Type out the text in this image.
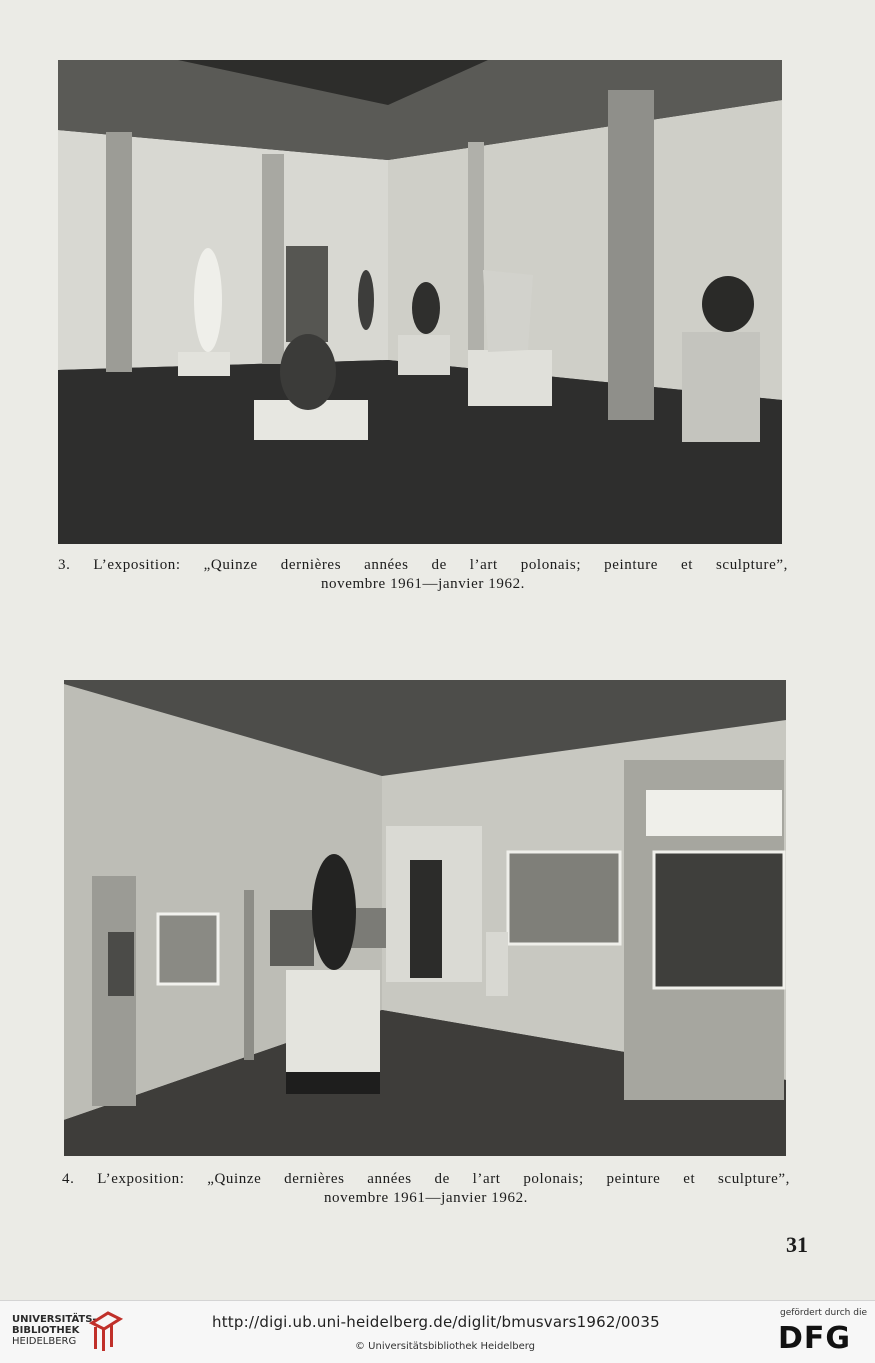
3. L’exposition: „Quinze dernières années de l’art polonais; peinture et sculpture”,
novembre 1961—janvier 1962.
4. L’exposition: „Quinze dernières années de l’art polonais; peinture et sculpture”,
novembre 1961—janvier 1962.
31
UNIVERSITÄTS-
BIBLIOTHEK
HEIDELBERG
http://digi.ub.uni-heidelberg.de/diglit/bmusvars1962/0035
© Universitätsbibliothek Heidelberg
gefördert durch die
DFG
